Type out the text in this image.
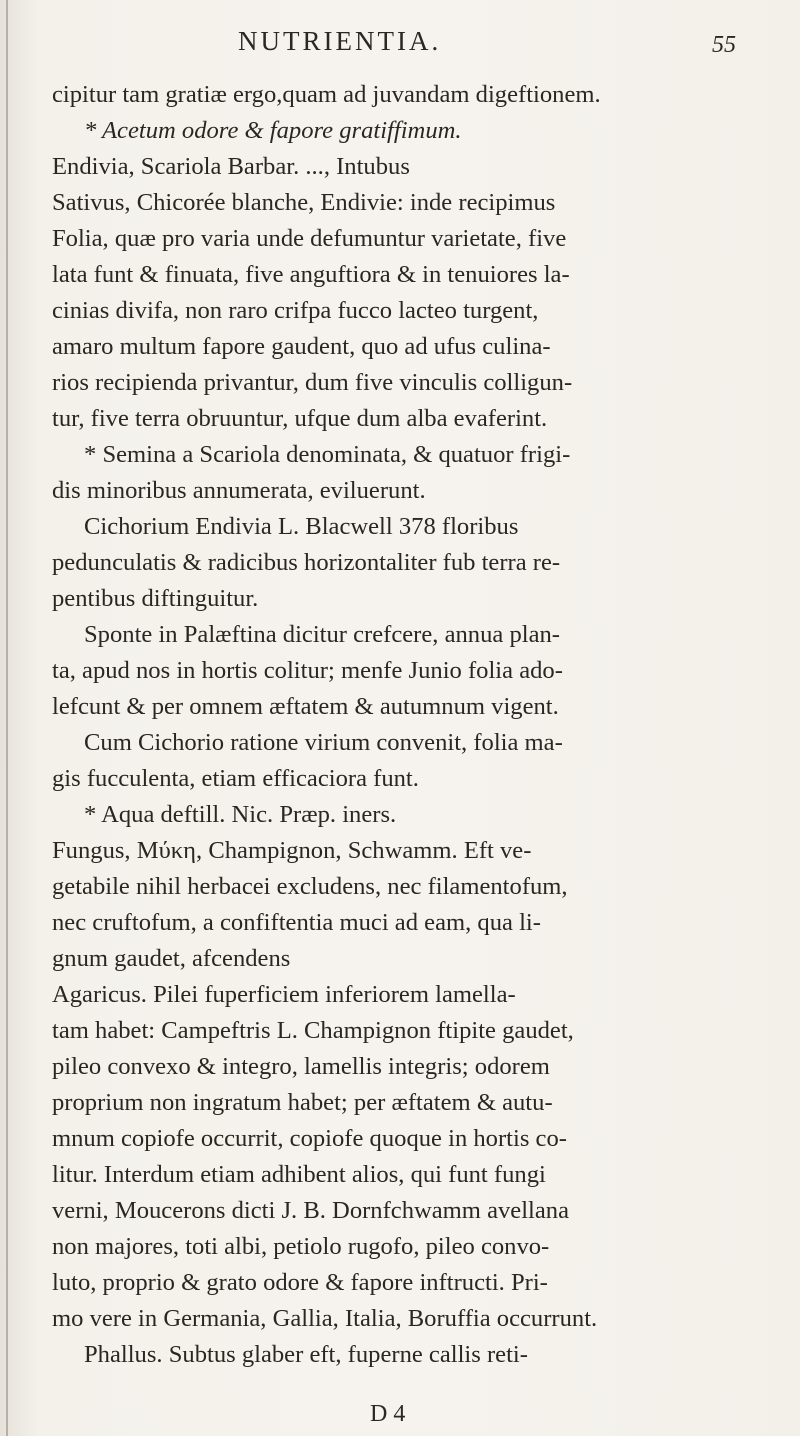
NUTRIENTIA.	55
cipitur tam gratiæ ergo,quam ad juvandam digeftionem.
* Acetum odore & fapore gratiffimum.
Endivia, Scariola Barbar. ..., Intubus
Sativus, Chicorée blanche, Endivie: inde recipimus
Folia, quæ pro varia unde defumuntur varietate, five
lata funt & finuata, five anguftiora & in tenuiores la-
cinias divifa, non raro crifpa fucco lacteo turgent,
amaro multum fapore gaudent, quo ad ufus culina-
rios recipienda privantur, dum five vinculis colligun-
tur, five terra obruuntur, ufque dum alba evaferint.
* Semina a Scariola denominata, & quatuor frigi-
dis minoribus annumerata, eviluerunt.
Cichorium Endivia L. Blacwell 378 floribus
pedunculatis & radicibus horizontaliter fub terra re-
pentibus diftinguitur.
Sponte in Palæftina dicitur crefcere, annua plan-
ta, apud nos in hortis colitur; menfe Junio folia ado-
lefcunt & per omnem æftatem & autumnum vigent.
Cum Cichorio ratione virium convenit, folia ma-
gis fucculenta, etiam efficaciora funt.
* Aqua deftill. Nic. Præp. iners.
Fungus, Μύκη, Champignon, Schwamm. Eft ve-
getabile nihil herbacei excludens, nec filamentofum,
nec cruftofum, a confiftentia muci ad eam, qua li-
gnum gaudet, afcendens
Agaricus. Pilei fuperficiem inferiorem lamella-
tam habet: Campeftris L. Champignon ftipite gaudet,
pileo convexo & integro, lamellis integris; odorem
proprium non ingratum habet; per æftatem & autu-
mnum copiofe occurrit, copiofe quoque in hortis co-
litur. Interdum etiam adhibent alios, qui funt fungi
verni, Moucerons dicti J. B. Dornfchwamm avellana
non majores, toti albi, petiolo rugofo, pileo convo-
luto, proprio & grato odore & fapore inftructi. Pri-
mo vere in Germania, Gallia, Italia, Boruffia occurrunt.
Phallus. Subtus glaber eft, fuperne callis reti-
D 4
